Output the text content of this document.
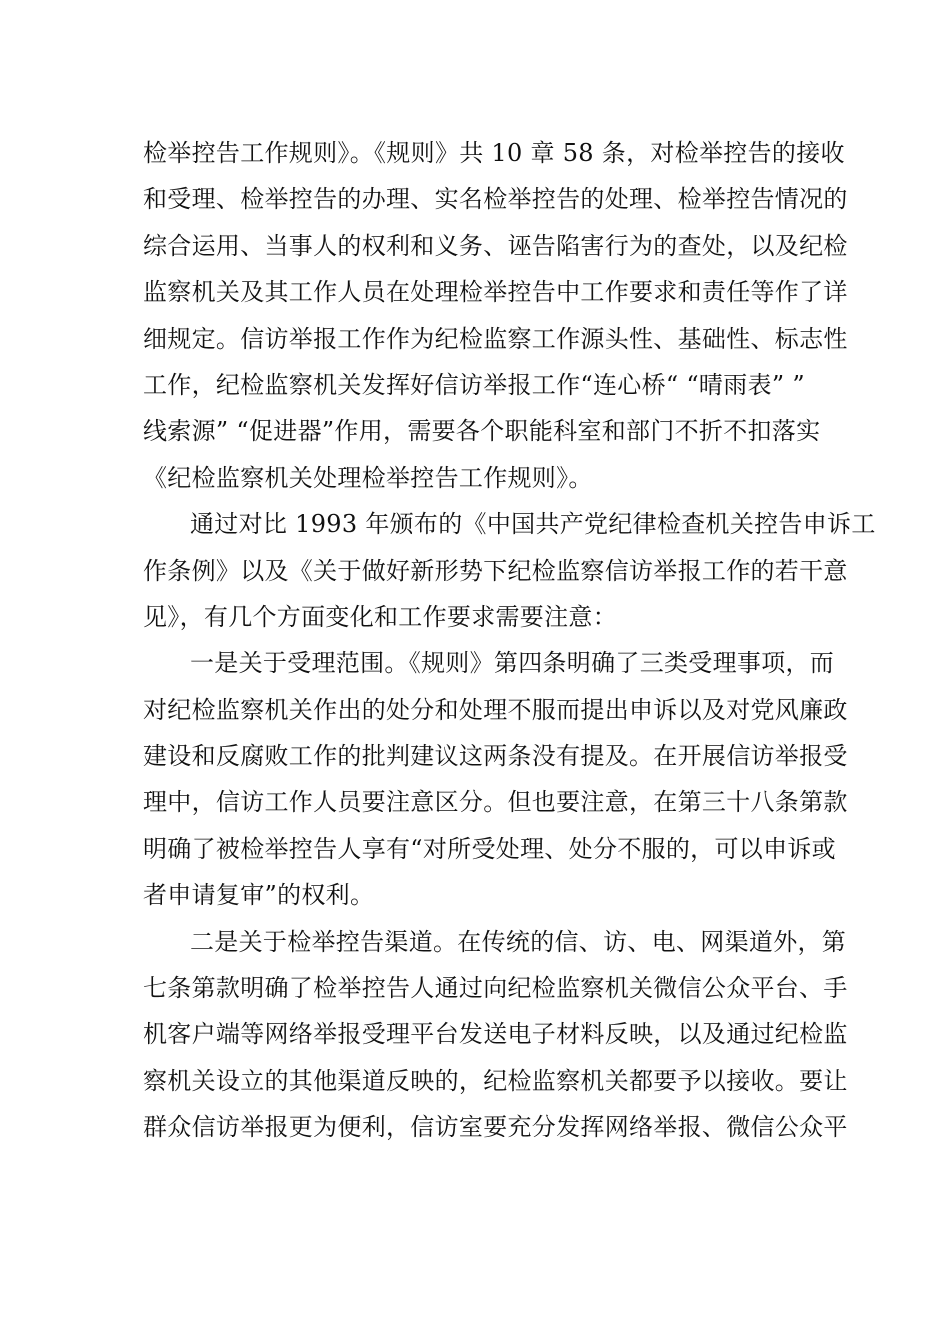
检举控告工作规则》。《规则》共 10 章 58 条，对检举控告的接收
和受理、检举控告的办理、实名检举控告的处理、检举控告情况的
综合运用、当事人的权利和义务、诬告陷害行为的查处，以及纪检
监察机关及其工作人员在处理检举控告中工作要求和责任等作了详
细规定。信访举报工作作为纪检监察工作源头性、基础性、标志性
工作，纪检监察机关发挥好信访举报工作“连心桥“ “晴雨表” ”
线索源” “促进器”作用，需要各个职能科室和部门不折不扣落实
《纪检监察机关处理检举控告工作规则》。
通过对比 1993 年颁布的《中国共产党纪律检查机关控告申诉工
作条例》以及《关于做好新形势下纪检监察信访举报工作的若干意
见》，有几个方面变化和工作要求需要注意：
一是关于受理范围。《规则》第四条明确了三类受理事项，而
对纪检监察机关作出的处分和处理不服而提出申诉以及对党风廉政
建设和反腐败工作的批判建议这两条没有提及。在开展信访举报受
理中，信访工作人员要注意区分。但也要注意，在第三十八条第款
明确了被检举控告人享有“对所受处理、处分不服的，可以申诉或
者申请复审”的权利。
二是关于检举控告渠道。在传统的信、访、电、网渠道外，第
七条第款明确了检举控告人通过向纪检监察机关微信公众平台、手
机客户端等网络举报受理平台发送电子材料反映，以及通过纪检监
察机关设立的其他渠道反映的，纪检监察机关都要予以接收。要让
群众信访举报更为便利，信访室要充分发挥网络举报、微信公众平
